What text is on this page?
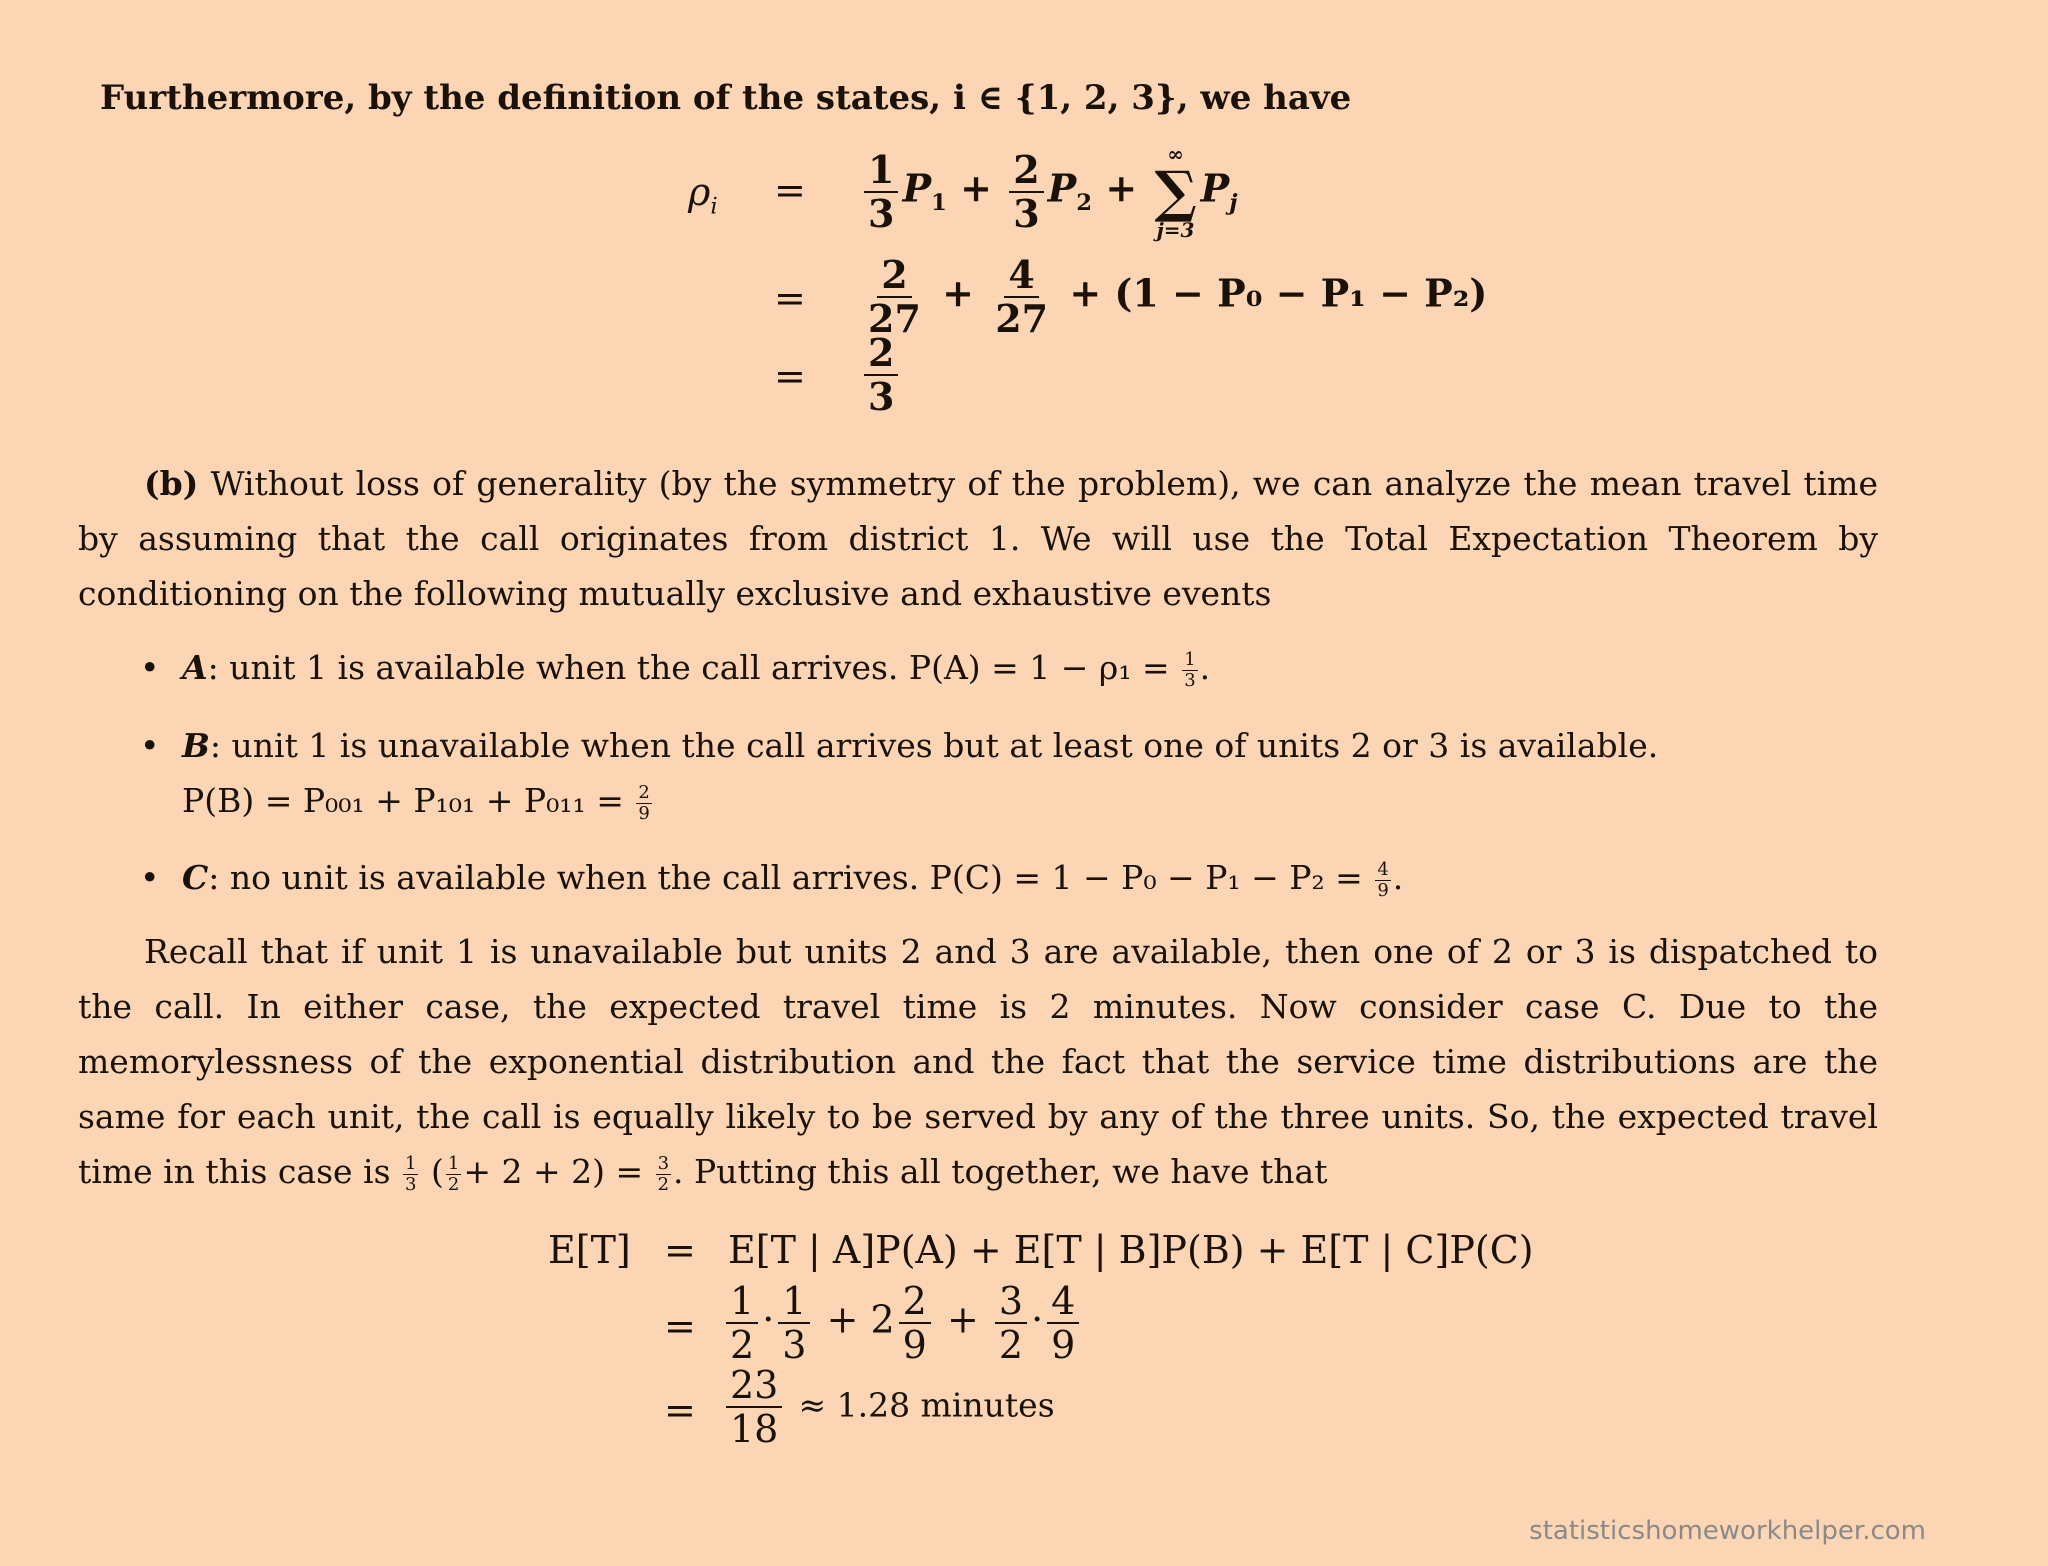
Furthermore, by the definition of the states, i ∈ {1, 2, 3}, we have
$\rho_i = \frac{1}{3} P_1 + \frac{2}{3} P_2$ +
∞
∑
j=3
$P_j$
= $\frac{2}{27} + \frac{4}{27} + (1 - P_0 - P_1 - P_2)$
= $\frac{2}{3}$
(b) Without loss of generality (by the symmetry of the problem), we can analyze the mean travel time by assuming that the call originates from district 1. We will use the Total Expectation Theorem by conditioning on the following mutually exclusive and exhaustive events
• A: unit 1 is available when the call arrives. $P(A) = 1 - \rho_1 = \frac{1}{3}$ .
• B: unit 1 is unavailable when the call arrives but at least one of units 2 or 3 is available.
$P(B) = P_{001} + P_{101} + P_{011} = \frac{2}{9}$
• C: no unit is available when the call arrives. $P(C) = 1 - P_0 - P_1 - P_2 = \frac{4}{9}$ .
Recall that if unit 1 is unavailable but units 2 and 3 are available, then one of 2 or 3 is dispatched to the call. In either case, the expected travel time is 2 minutes. Now consider case C. Due to the memorylessness of the exponential distribution and the fact that the service time distributions are the same for each unit, the call is equally likely to be served by any of the three units. So, the expected travel time in this case is $\frac{1}{3}$ ( $\frac{1}{2} + 2 + 2) = \frac{3}{2}$ . Putting this all together, we have that
E[T] = E[T | A]P(A) + E[T | B]P(B) + E[T | C]P(C)
= $\frac{1}{2} \cdot \frac{1}{3} + 2 \frac{2}{9} + \frac{3}{2} \cdot \frac{4}{9}$
= $\frac{23}{18} \approx 1.28$ minutes
statisticshomeworkhelper.com
